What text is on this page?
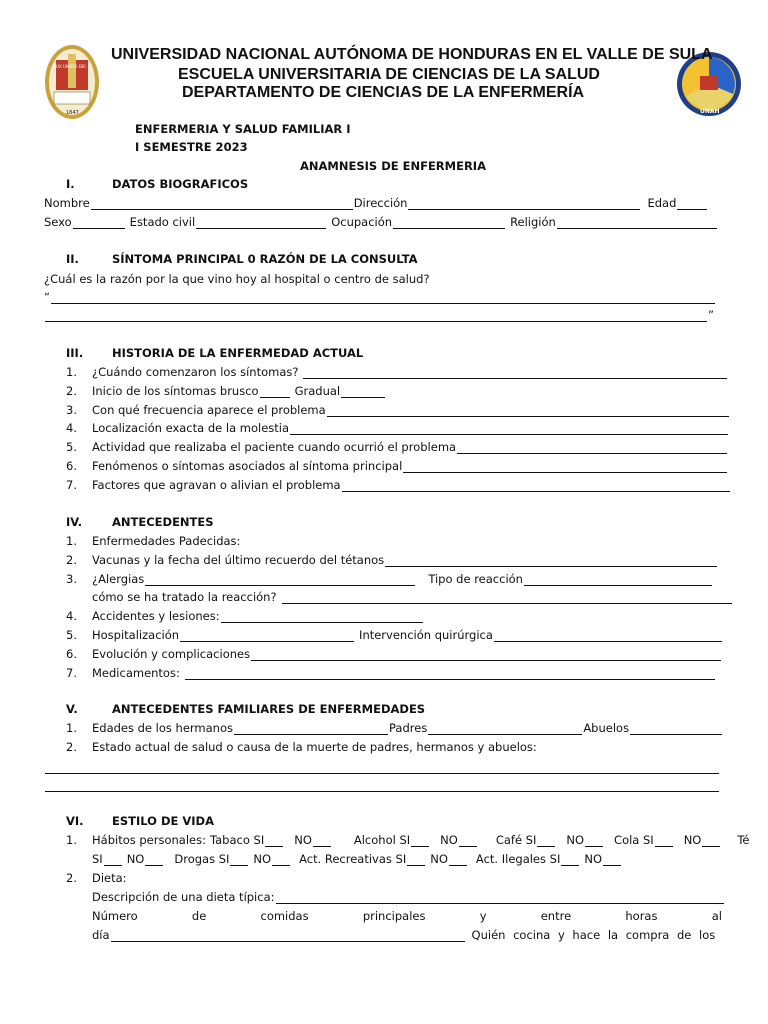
LUX UMBRA DEI
1847	UNAH
UNIVERSIDAD NACIONAL AUTÓNOMA DE HONDURAS EN EL VALLE DE SULA
ESCUELA UNIVERSITARIA DE CIENCIAS DE LA SALUD
DEPARTAMENTO DE CIENCIAS DE LA ENFERMERÍA
ENFERMERIA Y SALUD FAMILIAR I
I SEMESTRE 2023
ANAMNESIS DE ENFERMERIA
I.	DATOS BIOGRAFICOS
Nombre	Dirección	Edad
Sexo	Estado civil	Ocupación	Religión
II.	SÍNTOMA PRINCIPAL 0 RAZÓN DE LA CONSULTA
¿Cuál es la razón por la que vino hoy al hospital o centro de salud?
“
”
III.	HISTORIA DE LA ENFERMEDAD ACTUAL
1.	¿Cuándo comenzaron los síntomas?
2.	Inicio de los síntomas brusco	Gradual
3.	Con qué frecuencia aparece el problema
4.	Localización exacta de la molestia
5.	Actividad que realizaba el paciente cuando ocurrió el problema
6.	Fenómenos o síntomas asociados al síntoma principal
7.	Factores que agravan o alivian el problema
IV.	ANTECEDENTES
1.	Enfermedades Padecidas:
2.	Vacunas y la fecha del último recuerdo del tétanos
3.	¿Alergias	Tipo de reacción
cómo se ha tratado la reacción?
4.	Accidentes y lesiones:
5.	Hospitalización	Intervención quirúrgica
6.	Evolución y complicaciones
7.	Medicamentos:
V.	ANTECEDENTES FAMILIARES DE ENFERMEDADES
1.	Edades de los hermanos	Padres	Abuelos
2.	Estado actual de salud o causa de la muerte de padres, hermanos y abuelos:
VI.	ESTILO DE VIDA
1.	Hábitos personales: Tabaco SI	NO	Alcohol SI	NO	Café SI	NO	Cola SI	NO	Té
SI NO	Drogas SI NO Act. Recreativas SI NO Act. Ilegales SI NO
2.	Dieta:
Descripción de una dieta típica:
Número	de	comidas	principales	y	entre	horas	al
día	Quién cocina y hace la compra de los
